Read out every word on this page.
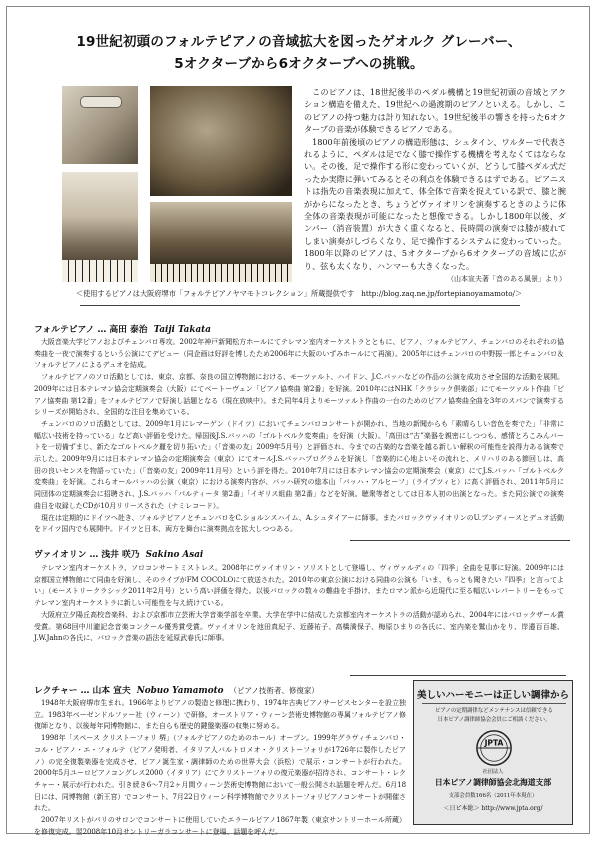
19世紀初頭のフォルテピアノの音域拡大を図ったゲオルク グレーバー、
5オクターブから6オクターブへの挑戦。

このピアノは、18世紀後半のペダル機構と19世紀初頭の音域とアクション構造を備えた、19世紀への過渡期のピアノといえる。しかし、このピアノの持つ魅力は計り知れない。19世紀後半の響きを持った6オクターブの音楽が体験できるピアノである。

1800年前後頃のピアノの構造形態は、シュタイン、ワルターで代表されるように、ペダルは足でなく膝で操作する機構を考えなくてはならない。その後、足で操作する形に変わっていくが、どうして膝ペダル式だったか実際に弾いてみるとその利点を体験できるはずである。ピアニストは指先の音楽表現に加えて、体全体で音楽を捉えている訳で、膝と腕がからになったとき、ちょうどヴァイオリンを演奏するときのように体全体の音楽表現が可能になったと想像できる。しかし1800年以後、ダンパー（消音装置）が大きく重くなると、長時間の演奏では膝が疲れてしまい演奏がしづらくなり、足で操作するシステムに変わっていった。1800年以降のピアノは、5オクターブから6オクターブの音域に広がり、弦も太くなり、ハンマーも大きくなった。

（山本宣夫著「音のある風景」より）
＜使用するピアノは大阪府堺市「フォルテピアノヤマモトコレクション」所蔵提供です　http://blog.zaq.ne.jp/fortepianoyamamoto/＞
フォルテピアノ … 高田 泰治 Taiji Takata

大阪音楽大学ピアノおよびチェンバロ専攻。2002年神戸新聞松方ホールにてテレマン室内オーケストラとともに、ピアノ、フォルテピアノ、チェンバロのそれぞれの協奏曲を一夜で演奏するという公演にてデビュー（同企画は好評を博したため2006年に大阪のいずみホールにて再演）。2005年にはチェンバロの中野振一郎とチェンバロ＆フォルテピアノによるデュオを結成。

フォルテピアノのソロ活動としては、東京、京都、奈良の国立博物館における、モーツァルト、ハイドン、J.C.バッハなどの作品の公演を成功させ全国的な活動を展開。2009年には日本テレマン協会定期演奏会（大阪）にてベートーヴェン「ピアノ協奏曲 第2番」を好演。2010年にはNHK「クラシック倶楽部」にてモーツァルト作曲「ピアノ協奏曲 第12番」をフォルテピアノで好演し話題となる（現在放映中）。また同年4月よりモーツァルト作曲の一台のためのピアノ協奏曲全曲を3年のスパンで演奏するシリーズが開始され、全国的な注目を集めている。

チェンバロのソロ活動としては、2009年1月にレマーゲン（ドイツ）においてチェンバロコンサートが開かれ、当地の新聞からも「素晴らしい音色を奏でた」「非常に幅広い技術を持っている」など高い評価を受けた。帰国後J.S.バッハの「ゴルトベルク変奏曲」を好演（大阪）。「高田は“古”楽器を親密にしつつも、感情とろこみんバートを一切備ずまじ、新たなゴルトベルク麗を切り拓いた」（「音楽の友」2009年5月号）と評価され、今までの古楽的な音楽を越る新しい解釈の可能性を説得力ある演奏で示した。2009年9月には日本テレマン協会の定期演奏会（東京）にてオールJ.S.バッハプログラムを好演し「音楽的に心地よいその流れと、メリハリのある節回しは、高田の良いセンスを物語っていた」（「音楽の友」2009年11月号）という評を得た。2010年7月には日本テレマン協会の定期演奏会（東京）にてJ.S.バッハ「ゴルトベルク変奏曲」を好演。これらオールバッハの公演（東京）における演奏内容が、バッハ研究の総本山「バッハ・アルヒーフ」（ライプツィヒ）に高く評価され、2011年5月に同団体の定期演奏会に招聘され、J.S.バッハ「パルティータ 第2番」「イギリス組曲 第2番」などを好演。聴衆等者としては日本人初の出演となった。また同公演での演奏曲目を収録したCDが10月リリースされた（ナミレコード）。

現在は定期的にドイツへ赴き、フォルテピアノとチェンバロをC.ショルンスハイム、A.シュタイアーに師事。またバロックヴァイオリンのU.ブンディースとデュオ活動をドイツ国内でも展開中。ドイツと日本、両方を舞台に演奏拠点を拡大しつつある。

ヴァイオリン … 浅井 咲乃 Sakino Asai

テレマン室内オーケストラ、ソロコンサートミストレス。2008年にヴァイオリン・ソリストとして登場し、ヴィヴァルディの「四季」全曲を見事に好演。2009年には京都国立博物館にて同曲を好演し、そのライブがFM COCOLOにて放送された。2010年の東京公演における同曲の公演も「いま、もっとも聞きたい『四季』と言ってよい」（モーストリークラシック2011年2月号）という高い評価を得た。以後バロックの数々の難曲を手掛け、またロマン派から近現代に至る幅広いレパートリーをもってテレマン室内オーケストラに新しい可能性を与え続けている。

大阪府立夕陽丘高校音楽科、および京都市立芸術大学音楽学部を卒業。大学在学中に結成した京都室内オーケストラの活動が認められ、2004年にはバロックザール賞受賞。第68回中川瀧記念音楽コンクール優秀賞受賞。ヴァイオリンを池田真紀子、近藤祐子、高橋満保子、梅原ひまりの各氏に、室内楽を鷲山かをり、岸邉百百雄、J.W.Jahnの各氏に、バロック音楽の語法を延原武春氏に師事。

レクチャー … 山本 宣夫 Nobuo Yamamoto （ピアノ技術者、修復家）

1948年大阪府堺市生まれ。1966年よりピアノの製造と修理に携わり、1974年古典ピアノサービスセンターを設立独立。1983年ベーゼンドルファー社（ウィーン）で研修。オーストリア・ウィーン芸術史博物館の専属フォルテピアノ修復師となり、以後毎年同博物館に、また自らも歴史的鍵盤楽器の収集に努める。

1998年「スペース クリストーフォリ 堺」（フォルテピアノのためのホール）オープン。1999年グラヴィチェンバロ・コル・ピアノ・エ・フォルテ（ピアノ発明者、イタリア人バルトロメオ・クリストーフォリが1726年に製作したピアノ）の完全復製楽器を完成させ、ピアノ誕生家・調律師のための世界大会（浜松）で展示・コンサートが行われた。2000年5月ユーロピアノコングレス2000（イタリア）にてクリストーフォリの復元楽器が招待され、コンサート・レクチャー・展示が行われた。引き続き6～7月2ヶ月間ウィーン芸術史博物館において一般公開され話題を呼んだ。6月18日には、同博物館（新王宮）でコンサート、7月22日ウィーン科学博物館でクリストーフォリピアノコンサートが開催された。

2007年リストがパリのサロンでコンサートに使用していたエラールピアノ1867年製（東京サントリーホール所蔵）を修復完成。翌2008年10月サントリーガラコンサートに登場、話題を呼んだ。

美しいハーモニーは正しい調律から
ピアノの定期調律などメンテナンスは信頼できる
日本ピアノ調律師協会会員にご相談ください。
JPTA
社団法人
日本ピアノ調律師協会北海道支部
支部会員数166名（2011年本現在）
＜日ピ本総＞ http://www.jpta.org/
